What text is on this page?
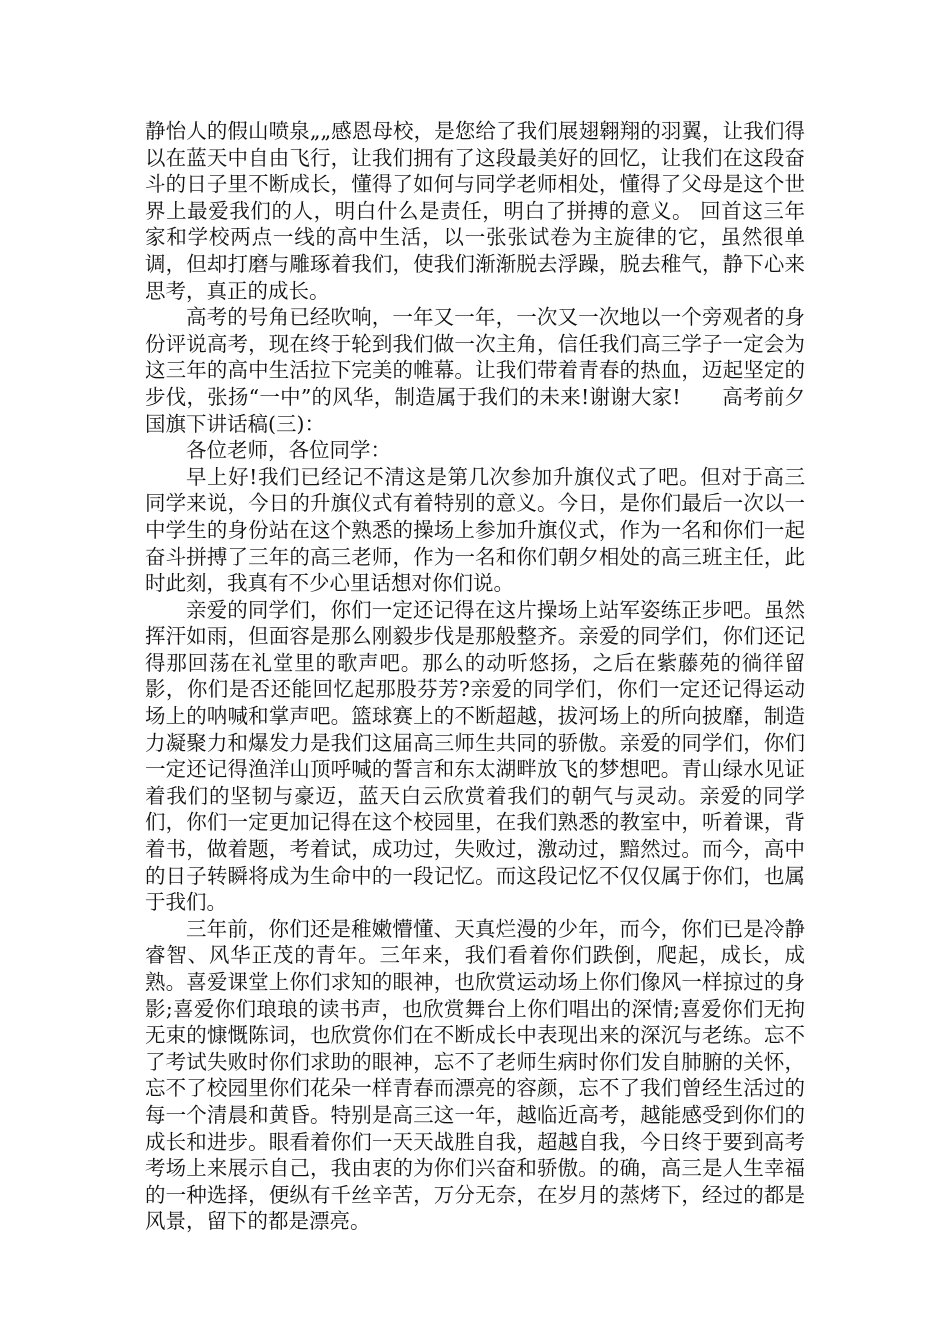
静怡人的假山喷泉„„感恩母校，是您给了我们展翅翱翔的羽翼，让我们得以在蓝天中自由飞行，让我们拥有了这段最美好的回忆，让我们在这段奋斗的日子里不断成长，懂得了如何与同学老师相处，懂得了父母是这个世界上最爱我们的人，明白什么是责任，明白了拼搏的意义。 回首这三年家和学校两点一线的高中生活，以一张张试卷为主旋律的它，虽然很单调，但却打磨与雕琢着我们，使我们渐渐脱去浮躁，脱去稚气，静下心来思考，真正的成长。

高考的号角已经吹响，一年又一年，一次又一次地以一个旁观者的身份评说高考，现在终于轮到我们做一次主角，信任我们高三学子一定会为这三年的高中生活拉下完美的帷幕。让我们带着青春的热血，迈起坚定的步伐，张扬“一中”的风华，制造属于我们的未来!谢谢大家!　　高考前夕国旗下讲话稿(三)：

各位老师，各位同学：

早上好!我们已经记不清这是第几次参加升旗仪式了吧。但对于高三同学来说，今日的升旗仪式有着特别的意义。今日，是你们最后一次以一中学生的身份站在这个熟悉的操场上参加升旗仪式，作为一名和你们一起奋斗拼搏了三年的高三老师，作为一名和你们朝夕相处的高三班主任，此时此刻，我真有不少心里话想对你们说。

亲爱的同学们，你们一定还记得在这片操场上站军姿练正步吧。虽然挥汗如雨，但面容是那么刚毅步伐是那般整齐。亲爱的同学们，你们还记得那回荡在礼堂里的歌声吧。那么的动听悠扬，之后在紫藤苑的徜徉留影，你们是否还能回忆起那股芬芳?亲爱的同学们，你们一定还记得运动场上的呐喊和掌声吧。篮球赛上的不断超越，拔河场上的所向披靡，制造力凝聚力和爆发力是我们这届高三师生共同的骄傲。亲爱的同学们，你们一定还记得渔洋山顶呼喊的誓言和东太湖畔放飞的梦想吧。青山绿水见证着我们的坚韧与豪迈，蓝天白云欣赏着我们的朝气与灵动。亲爱的同学们，你们一定更加记得在这个校园里，在我们熟悉的教室中，听着课，背着书，做着题，考着试，成功过，失败过，激动过，黯然过。而今，高中的日子转瞬将成为生命中的一段记忆。而这段记忆不仅仅属于你们，也属于我们。

三年前，你们还是稚嫩懵懂、天真烂漫的少年，而今，你们已是冷静睿智、风华正茂的青年。三年来，我们看着你们跌倒，爬起，成长，成熟。喜爱课堂上你们求知的眼神，也欣赏运动场上你们像风一样掠过的身影;喜爱你们琅琅的读书声，也欣赏舞台上你们唱出的深情;喜爱你们无拘无束的慷慨陈词，也欣赏你们在不断成长中表现出来的深沉与老练。忘不了考试失败时你们求助的眼神，忘不了老师生病时你们发自肺腑的关怀，忘不了校园里你们花朵一样青春而漂亮的容颜，忘不了我们曾经生活过的每一个清晨和黄昏。特别是高三这一年，越临近高考，越能感受到你们的成长和进步。眼看着你们一天天战胜自我，超越自我，今日终于要到高考考场上来展示自己，我由衷的为你们兴奋和骄傲。的确，高三是人生幸福的一种选择，便纵有千丝辛苦，万分无奈，在岁月的蒸烤下，经过的都是风景，留下的都是漂亮。
